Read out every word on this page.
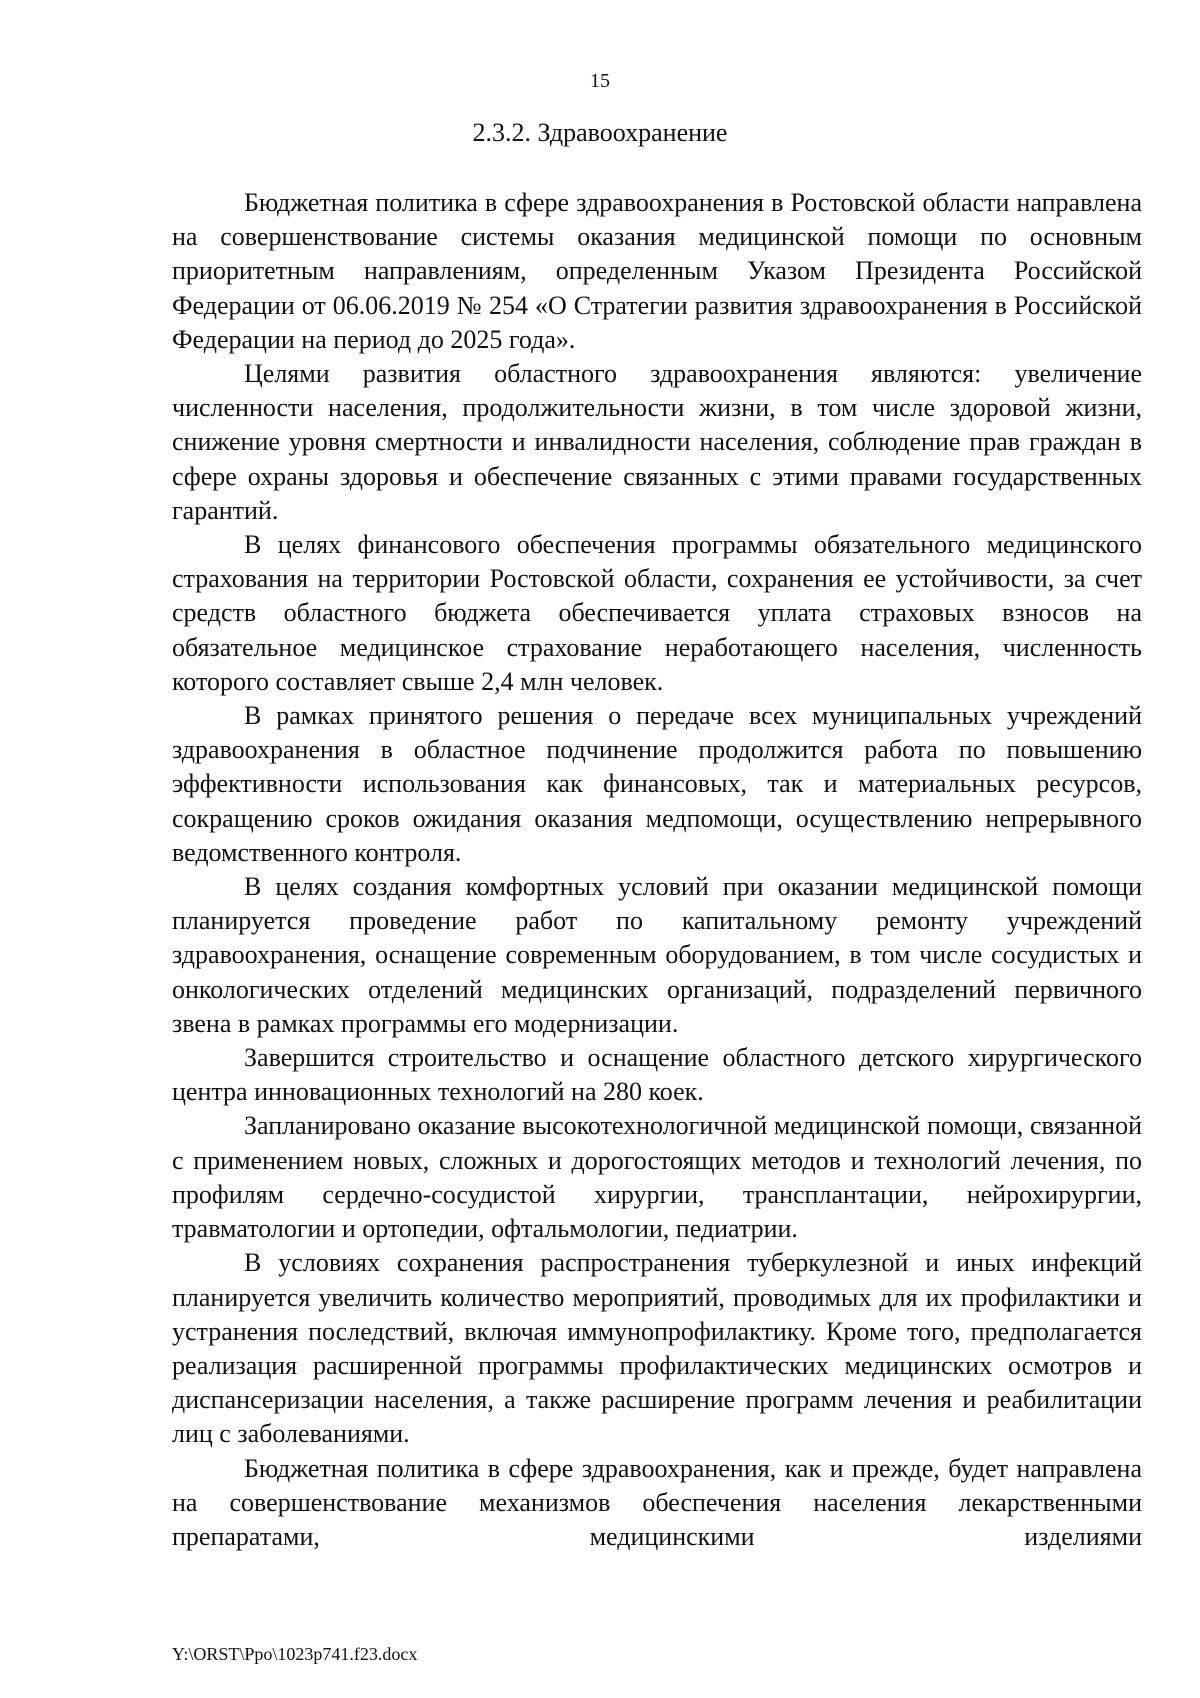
15
2.3.2. Здравоохранение

Бюджетная политика в сфере здравоохранения в Ростовской области направлена на совершенствование системы оказания медицинской помощи по основным приоритетным направлениям, определенным Указом Президента Российской Федерации от 06.06.2019 № 254 «О Стратегии развития здравоохранения в Российской Федерации на период до 2025 года».

Целями развития областного здравоохранения являются: увеличение численности населения, продолжительности жизни, в том числе здоровой жизни, снижение уровня смертности и инвалидности населения, соблюдение прав граждан в сфере охраны здоровья и обеспечение связанных с этими правами государственных гарантий.

В целях финансового обеспечения программы обязательного медицинского страхования на территории Ростовской области, сохранения ее устойчивости, за счет средств областного бюджета обеспечивается уплата страховых взносов на обязательное медицинское страхование неработающего населения, численность которого составляет свыше 2,4 млн человек.

В рамках принятого решения о передаче всех муниципальных учреждений здравоохранения в областное подчинение продолжится работа по повышению эффективности использования как финансовых, так и материальных ресурсов, сокращению сроков ожидания оказания медпомощи, осуществлению непрерывного ведомственного контроля.

В целях создания комфортных условий при оказании медицинской помощи планируется проведение работ по капитальному ремонту учреждений здравоохранения, оснащение современным оборудованием, в том числе сосудистых и онкологических отделений медицинских организаций, подразделений первичного звена в рамках программы его модернизации.

Завершится строительство и оснащение областного детского хирургического центра инновационных технологий на 280 коек.

Запланировано оказание высокотехнологичной медицинской помощи, связанной с применением новых, сложных и дорогостоящих методов и технологий лечения, по профилям сердечно-сосудистой хирургии, трансплантации, нейрохирургии, травматологии и ортопедии, офтальмологии, педиатрии.

В условиях сохранения распространения туберкулезной и иных инфекций планируется увеличить количество мероприятий, проводимых для их профилактики и устранения последствий, включая иммунопрофилактику. Кроме того, предполагается реализация расширенной программы профилактических медицинских осмотров и диспансеризации населения, а также расширение программ лечения и реабилитации лиц с заболеваниями.

Бюджетная политика в сфере здравоохранения, как и прежде, будет направлена на совершенствование механизмов обеспечения населения лекарственными препаратами, медицинскими изделиями

Y:\ORST\Ppo\1023p741.f23.docx
